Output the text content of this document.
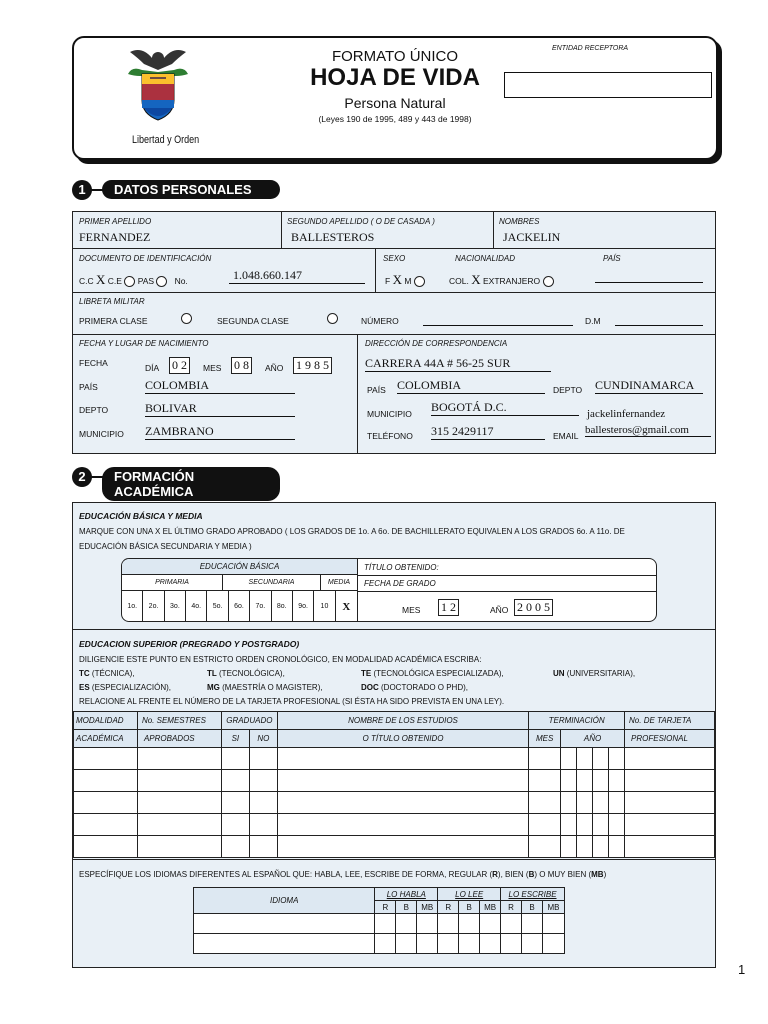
Libertad y Orden
FORMATO ÚNICO
HOJA DE VIDA
Persona Natural
(Leyes 190 de 1995, 489 y 443 de 1998)
ENTIDAD RECEPTORA
1	DATOS PERSONALES
PRIMER APELLIDO
FERNANDEZ
SEGUNDO APELLIDO ( O DE CASADA )
BALLESTEROS
NOMBRES
JACKELIN
DOCUMENTO DE IDENTIFICACIÓN
C.C X C.E PAS No.	1.048.660.147
SEXO
F X M
NACIONALIDAD
COL. X EXTRANJERO
PAÍS
LIBRETA MILITAR
PRIMERA CLASE	SEGUNDA CLASE	NÚMERO	D.M
FECHA Y LUGAR DE NACIMIENTO
FECHA	DÍA 0 2	MES 0 8	AÑO 1 9 8 5
PAÍS	COLOMBIA
DEPTO	BOLIVAR
MUNICIPIO ZAMBRANO
DIRECCIÓN DE CORRESPONDENCIA
CARRERA 44A # 56-25 SUR
PAÍS COLOMBIA	DEPTO CUNDINAMARCA
MUNICIPIO BOGOTÁ D.C.
TELÉFONO 315 2429117	EMAIL
jackelinfernandez
ballesteros@gmail.com
2	FORMACIÓN ACADÉMICA
EDUCACIÓN BÁSICA Y MEDIA
MARQUE CON UNA X EL ÚLTIMO GRADO APROBADO ( LOS GRADOS DE 1o. A 6o. DE BACHILLERATO EQUIVALEN A LOS GRADOS 6o. A 11o. DE
EDUCACIÓN BÁSICA SECUNDARIA Y MEDIA )
EDUCACIÓN BÁSICA
PRIMARIA	SECUNDARIA	MEDIA
1o.	2o.	3o.	4o.	5o.	6o.	7o.	8o.	9o.	10	X
TÍTULO OBTENIDO:
FECHA DE GRADO
MES 1 2	AÑO 2 0 0 5
EDUCACION SUPERIOR (PREGRADO Y POSTGRADO)
DILIGENCIE ESTE PUNTO EN ESTRICTO ORDEN CRONOLÓGICO, EN MODALIDAD ACADÉMICA ESCRIBA:
TC (TÉCNICA),	TL (TECNOLÓGICA),	TE (TECNOLÓGICA ESPECIALIZADA),	UN (UNIVERSITARIA),
ES (ESPECIALIZACIÓN),	MG (MAESTRÍA O MAGISTER),	DOC (DOCTORADO O PHD),
RELACIONE AL FRENTE EL NÚMERO DE LA TARJETA PROFESIONAL (SI ÉSTA HA SIDO PREVISTA EN UNA LEY).
MODALIDAD	No. SEMESTRES	GRADUADO		NOMBRE DE LOS ESTUDIOS	TERMINACIÓN					No. DE TARJETA
ACADÉMICA	APROBADOS	SI	NO	O TÍTULO OBTENIDO	MES	AÑO				PROFESIONAL

ESPECÍFIQUE LOS IDIOMAS DIFERENTES AL ESPAÑOL QUE: HABLA, LEE, ESCRIBE DE FORMA, REGULAR (R), BIEN (B) O MUY BIEN (MB)
IDIOMA	LO HABLA			LO LEE			LO ESCRIBE		
	R	B	MB	R	B	MB	R	B	MB

1
